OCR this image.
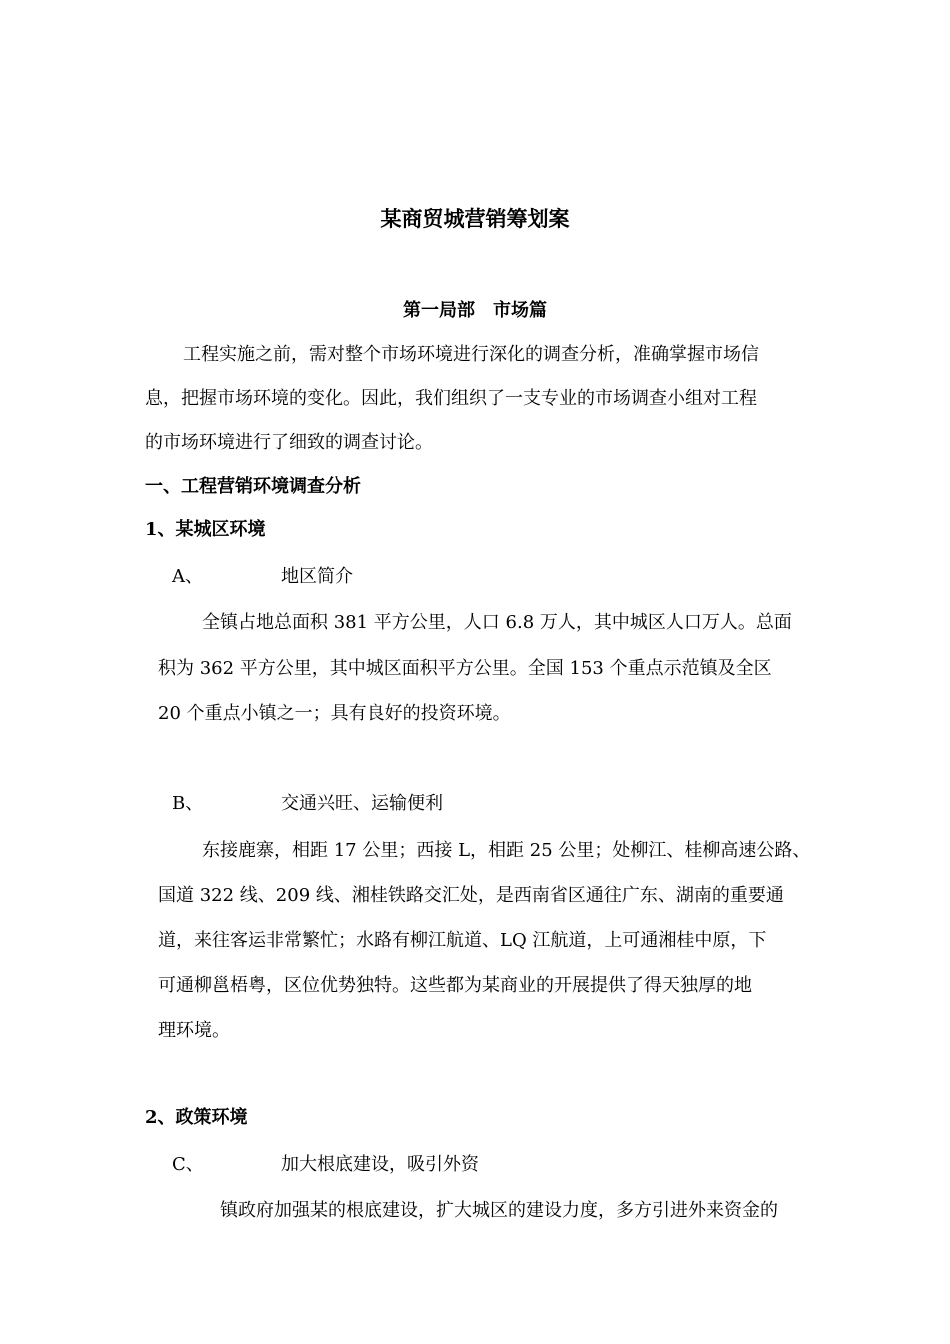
某商贸城营销筹划案
第一局部　市场篇
工程实施之前，需对整个市场环境进行深化的调查分析，准确掌握市场信
息，把握市场环境的变化。因此，我们组织了一支专业的市场调查小组对工程
的市场环境进行了细致的调查讨论。
一、工程营销环境调查分析
1、某城区环境
A、	地区简介
全镇占地总面积 381 平方公里，人口 6.8 万人，其中城区人口万人。总面
积为 362 平方公里，其中城区面积平方公里。全国 153 个重点示范镇及全区
20 个重点小镇之一；具有良好的投资环境。
B、	交通兴旺、运输便利
东接鹿寨，相距 17 公里；西接 L，相距 25 公里；处柳江、桂柳高速公路、
国道 322 线、209 线、湘桂铁路交汇处，是西南省区通往广东、湖南的重要通
道，来往客运非常繁忙；水路有柳江航道、LQ 江航道，上可通湘桂中原，下
可通柳邕梧粤，区位优势独特。这些都为某商业的开展提供了得天独厚的地
理环境。
2、政策环境
C、	加大根底建设，吸引外资
镇政府加强某的根底建设，扩大城区的建设力度，多方引进外来资金的
